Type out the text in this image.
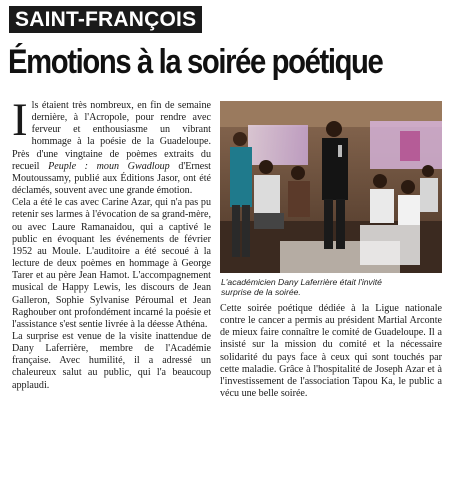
SAINT-FRANÇOIS
Émotions à la soirée poétique

Ils étaient très nombreux, en fin de semaine dernière, à l'Acropole, pour rendre avec ferveur et enthousiasme un vibrant hommage à la poésie de la Guadeloupe. Près d'une vingtaine de poèmes extraits du recueil Peuple : moun Gwadloup d'Ernest Moutoussamy, publié aux Éditions Jasor, ont été déclamés, souvent avec une grande émotion.

Cela a été le cas avec Carine Azar, qui n'a pas pu retenir ses larmes à l'évocation de sa grand-mère, ou avec Laure Ramanaidou, qui a captivé le public en évoquant les événements de février 1952 au Moule. L'auditoire a été secoué à la lecture de deux poèmes en hommage à George Tarer et au père Jean Hamot. L'accompagnement musical de Happy Lewis, les discours de Jean Galleron, Sophie Sylvanise Péroumal et Jean Raghouber ont profondément incarné la poésie et l'assistance s'est sentie livrée à la déesse Athéna.

La surprise est venue de la visite inattendue de Dany Laferrière, membre de l'Académie française. Avec humilité, il a adressé un chaleureux salut au public, qui l'a beaucoup applaudi.

L'académicien Dany Laferrière était l'invité
surprise de la soirée.

Cette soirée poétique dédiée à la Ligue nationale contre le cancer a permis au président Martial Arconte de mieux faire connaître le comité de Guadeloupe. Il a insisté sur la mission du comité et la nécessaire solidarité du pays face à ceux qui sont touchés par cette maladie. Grâce à l'hospitalité de Joseph Azar et à l'investissement de l'association Tapou Ka, le public a vécu une belle soirée.
